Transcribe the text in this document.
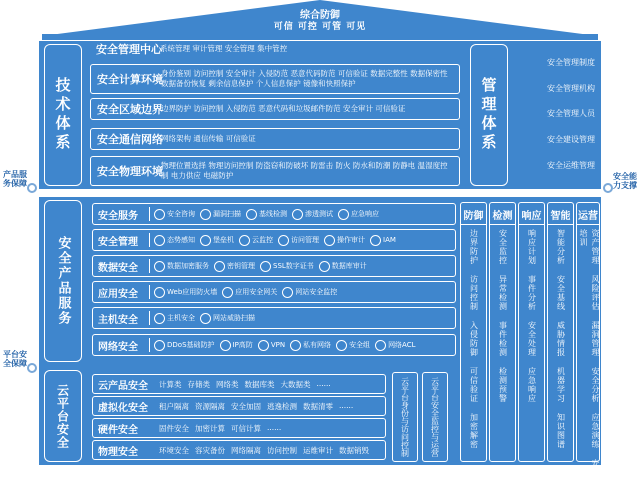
综合防御
可信 可控 可管 可见
技术体系
安全管理中心
系统管理 审计管理 安全管理 集中管控
安全计算环境
身份鉴别 访问控制 安全审计 入侵防范 恶意代码防范 可信验证 数据完整性 数据保密性 数据备份恢复 剩余信息保护 个人信息保护 镜像和快照保护
安全区域边界
边界防护 访问控制 入侵防范 恶意代码和垃圾邮件防范 安全审计 可信验证
安全通信网络
网络架构 通信传输 可信验证
安全物理环境
物理位置选择 物理访问控制 防盗窃和防破坏 防雷击 防火 防水和防潮 防静电 温湿度控制 电力供应 电磁防护
管理体系
安全管理制度
安全管理机构
安全管理人员
安全建设管理
安全运维管理
产品服务保障
平台安全保障
安全能力支撑
安全产品服务
安全服务	安全咨询	漏洞扫描	基线检测	渗透测试	应急响应
安全管理	态势感知	堡垒机	云监控	访问管理	操作审计	IAM
数据安全	数据加密服务	密钥管理	SSL数字证书	数据库审计
应用安全	Web应用防火墙	应用安全网关	网站安全监控
主机安全	主机安全	网站威胁扫描
网络安全	DDoS基础防护	IP高防	VPN	私有网络	安全组	网络ACL
云平台安全	云产品安全	计算类 存储类 网络类 数据库类 大数据类 ......
虚拟化安全	租户隔离 资源隔离 安全加固 逃逸检测 数据清零 ......
硬件安全	固件安全 加密计算 可信计算 ......
物理安全	环境安全 容灾备份 网络隔离 访问控制 运维审计 数据销毁	云平台身份与访问控制	云平台安全监控与运营
防御
边界防护 访问控制 入侵防御 可信验证 加密解密
检测
安全监控 异常检测 事件检测 检测预警
响应
响应计划 事件分析 安全处理 应急响应
智能
智能分析 安全基线 威胁情报 机器学习 知识图谱
运营
资产管理 风险评估 漏洞管理 安全分析 应急演练 安全培训
